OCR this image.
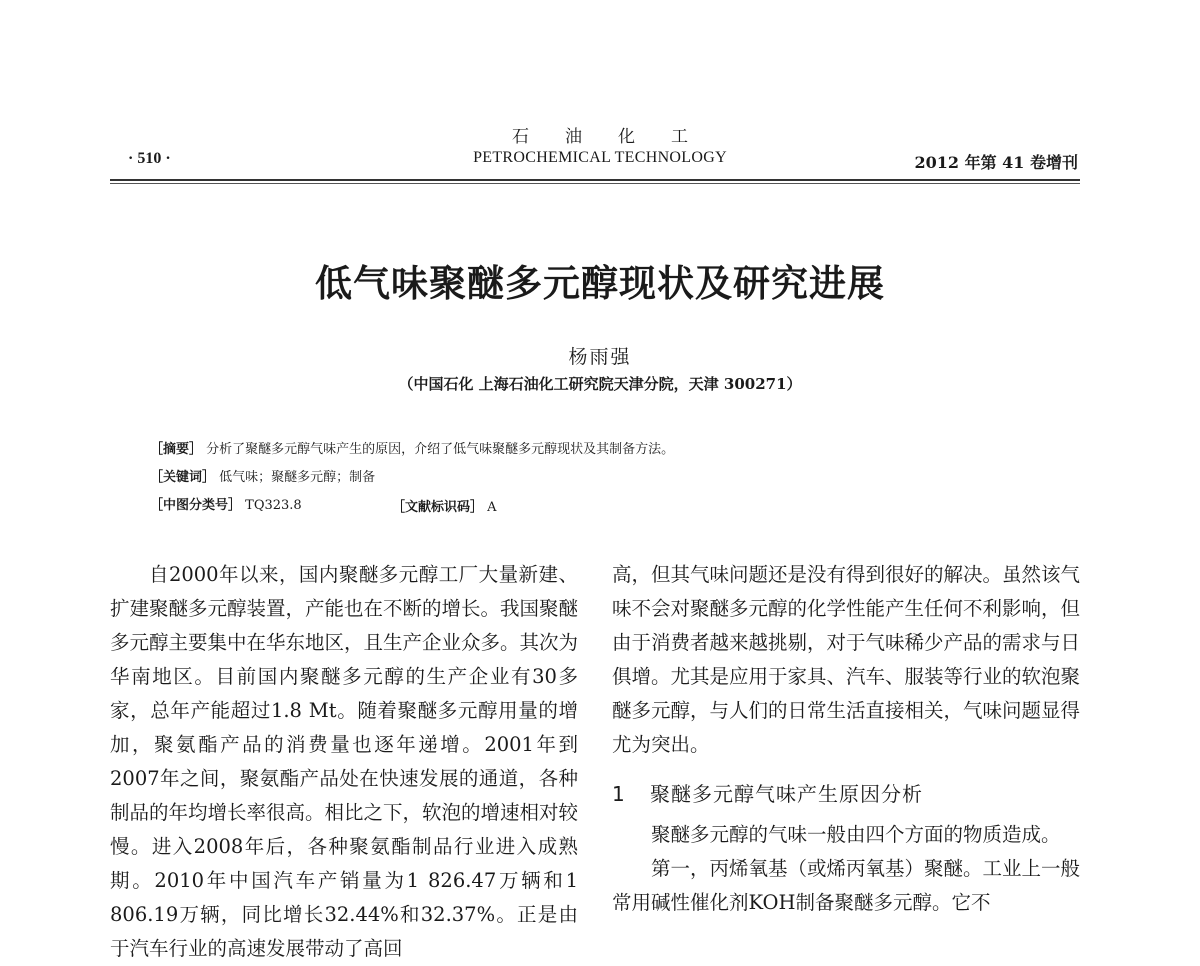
石油化工
· 510 ·	PETROCHEMICAL TECHNOLOGY	2012 年第 41 卷增刊
低气味聚醚多元醇现状及研究进展
杨雨强
（中国石化 上海石油化工研究院天津分院，天津 300271）
［摘要］ 分析了聚醚多元醇气味产生的原因，介绍了低气味聚醚多元醇现状及其制备方法。
［关键词］ 低气味；聚醚多元醇；制备
［中图分类号］ TQ323.8	［文献标识码］ A

自2000年以来，国内聚醚多元醇工厂大量新建、扩建聚醚多元醇装置，产能也在不断的增长。我国聚醚多元醇主要集中在华东地区，且生产企业众多。其次为华南地区。目前国内聚醚多元醇的生产企业有30多家，总年产能超过1.8 Mt。随着聚醚多元醇用量的增加，聚氨酯产品的消费量也逐年递增。2001年到2007年之间，聚氨酯产品处在快速发展的通道，各种制品的年均增长率很高。相比之下，软泡的增速相对较慢。进入2008年后，各种聚氨酯制品行业进入成熟期。2010年中国汽车产销量为1 826.47万辆和1 806.19万辆，同比增长32.44%和32.37%。正是由于汽车行业的高速发展带动了高回

高，但其气味问题还是没有得到很好的解决。虽然该气味不会对聚醚多元醇的化学性能产生任何不利影响，但由于消费者越来越挑剔，对于气味稀少产品的需求与日俱增。尤其是应用于家具、汽车、服装等行业的软泡聚醚多元醇，与人们的日常生活直接相关，气味问题显得尤为突出。

1 聚醚多元醇气味产生原因分析

聚醚多元醇的气味一般由四个方面的物质造成。

第一，丙烯氧基（或烯丙氧基）聚醚。工业上一般常用碱性催化剂KOH制备聚醚多元醇。它不
